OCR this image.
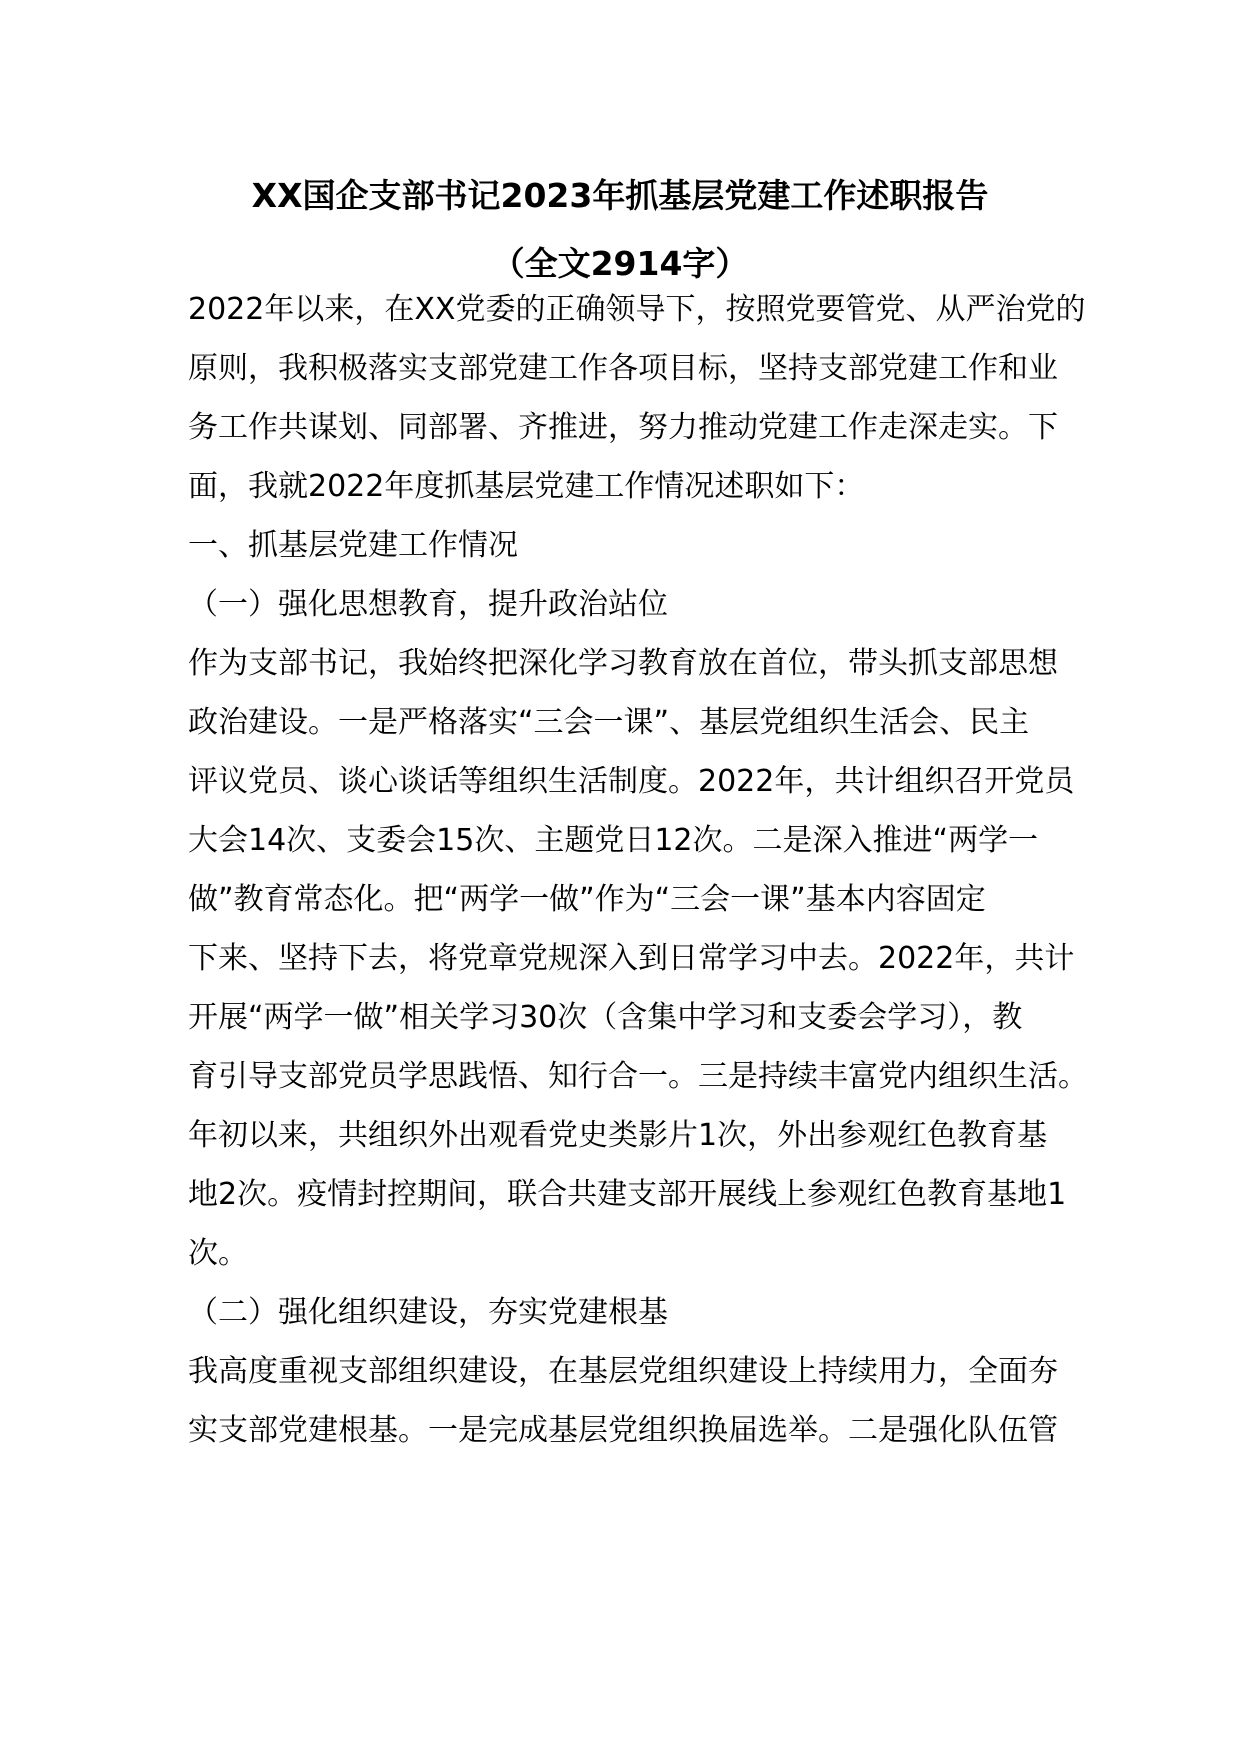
XX国企支部书记2023年抓基层党建工作述职报告
（全文2914字）
2022年以来，在XX党委的正确领导下，按照党要管党、从严治党的
原则，我积极落实支部党建工作各项目标，坚持支部党建工作和业
务工作共谋划、同部署、齐推进，努力推动党建工作走深走实。下
面，我就2022年度抓基层党建工作情况述职如下：
一、抓基层党建工作情况
（一）强化思想教育，提升政治站位
作为支部书记，我始终把深化学习教育放在首位，带头抓支部思想
政治建设。一是严格落实“三会一课”、基层党组织生活会、民主
评议党员、谈心谈话等组织生活制度。2022年，共计组织召开党员
大会14次、支委会15次、主题党日12次。二是深入推进“两学一
做”教育常态化。把“两学一做”作为“三会一课”基本内容固定
下来、坚持下去，将党章党规深入到日常学习中去。2022年，共计
开展“两学一做”相关学习30次（含集中学习和支委会学习），教
育引导支部党员学思践悟、知行合一。三是持续丰富党内组织生活。
年初以来，共组织外出观看党史类影片1次，外出参观红色教育基
地2次。疫情封控期间，联合共建支部开展线上参观红色教育基地1
次。
（二）强化组织建设，夯实党建根基
我高度重视支部组织建设，在基层党组织建设上持续用力，全面夯
实支部党建根基。一是完成基层党组织换届选举。二是强化队伍管
